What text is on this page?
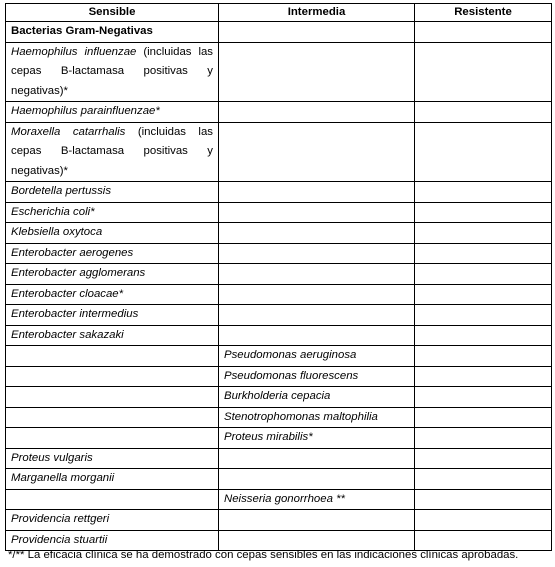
Sensible	Intermedia	Resistente
Bacterias Gram-Negativas		
Haemophilus influenzae (incluidas las cepas B-lactamasa positivas y negativas)*		
Haemophilus parainfluenzae*		
Moraxella catarrhalis (incluidas las cepas B-lactamasa positivas y negativas)*		
Bordetella pertussis		
Escherichia coli*		
Klebsiella oxytoca		
Enterobacter aerogenes		
Enterobacter agglomerans		
Enterobacter cloacae*		
Enterobacter intermedius		
Enterobacter sakazaki		
	Pseudomonas aeruginosa	
	Pseudomonas fluorescens	
	Burkholderia cepacia	
	Stenotrophomonas maltophilia	
	Proteus mirabilis*	
Proteus vulgaris		
Marganella morganii		
	Neisseria gonorrhoea **	
Providencia rettgeri		
Providencia stuartii		
*/** La eficacia clínica se ha demostrado con cepas sensibles en las indicaciones clínicas aprobadas.
